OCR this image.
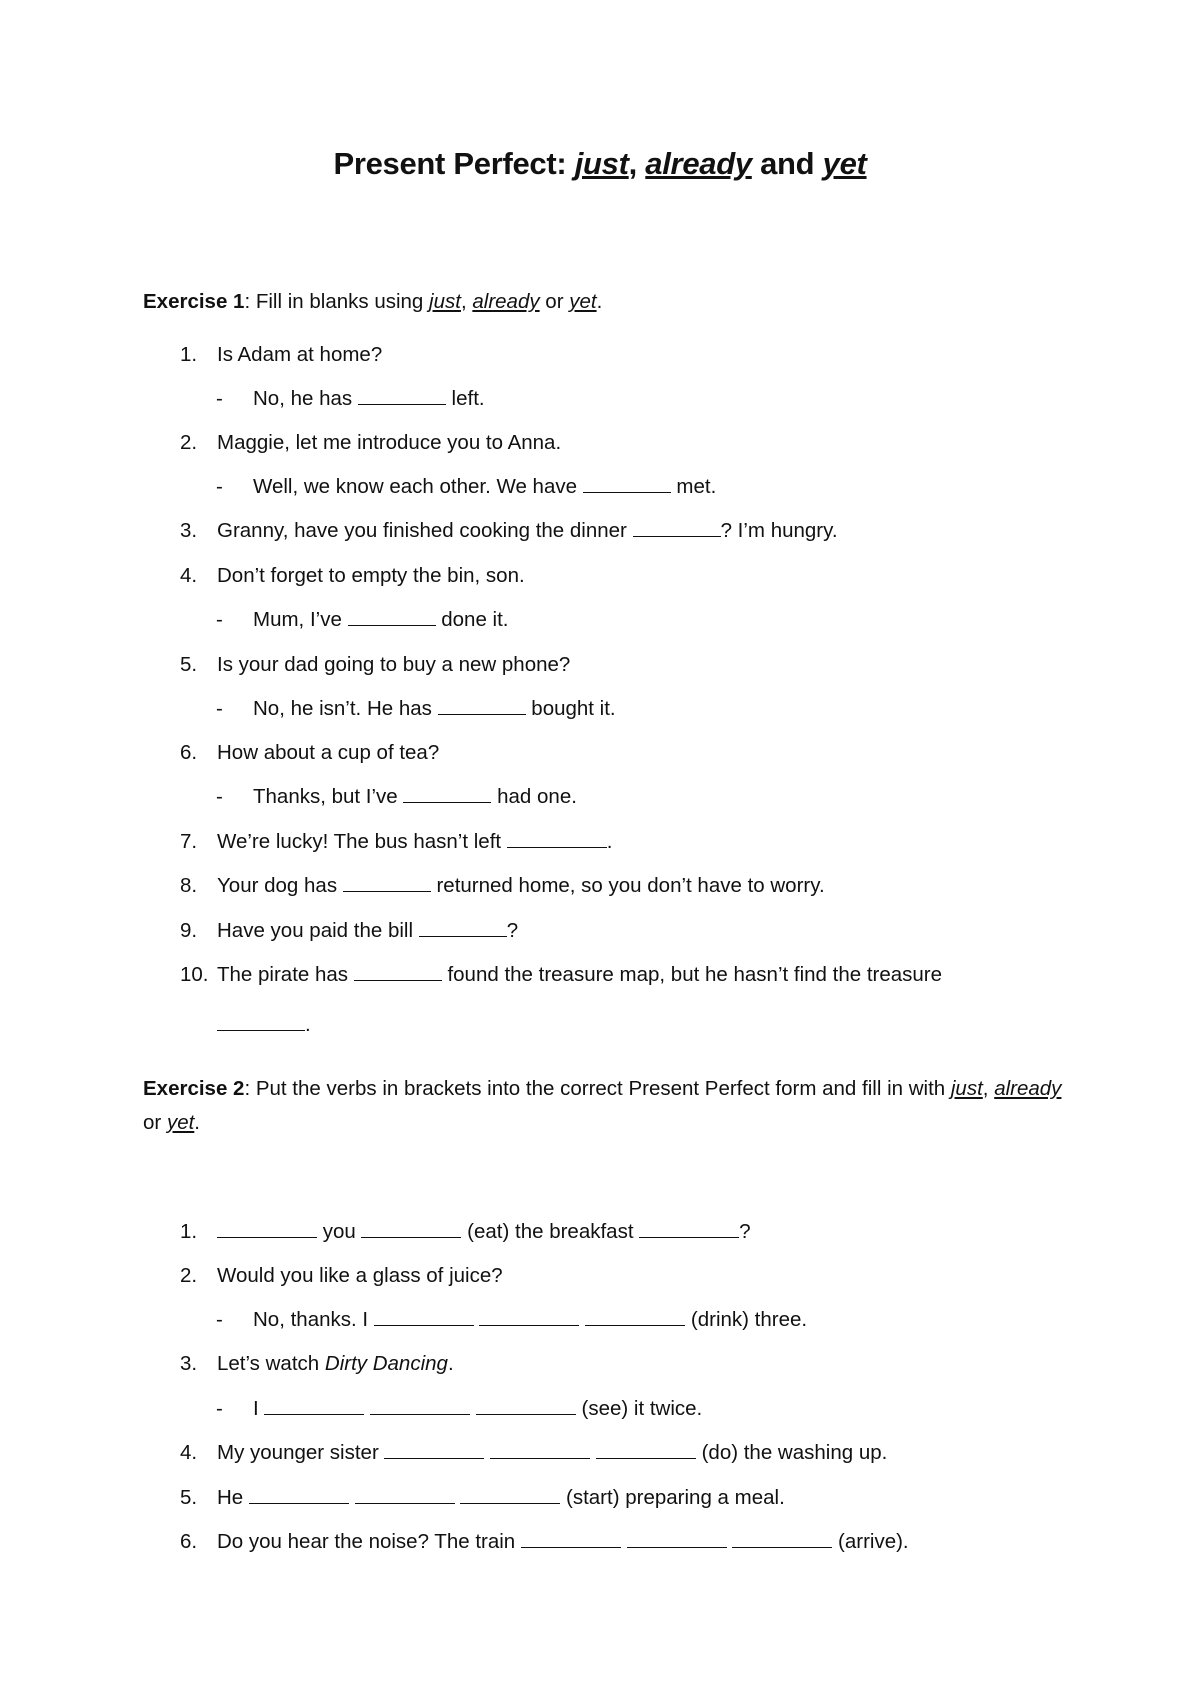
Present Perfect: just, already and yet
Exercise 1: Fill in blanks using just, already or yet.
1. Is Adam at home?
- No, he has	left.
2. Maggie, let me introduce you to Anna.
- Well, we know each other. We have	met.
3. Granny, have you finished cooking the dinner	? I’m hungry.
4. Don’t forget to empty the bin, son.
- Mum, I’ve	done it.
5. Is your dad going to buy a new phone?
- No, he isn’t. He has	bought it.
6. How about a cup of tea?
- Thanks, but I’ve	had one.
7. We’re lucky! The bus hasn’t left	.
8. Your dog has	returned home, so you don’t have to worry.
9. Have you paid the bill	?
10. The pirate has	found the treasure map, but he hasn’t find the treasure
.
Exercise 2: Put the verbs in brackets into the correct Present Perfect form and fill in with just, already or yet.
1.	you	(eat) the breakfast	?
2. Would you like a glass of juice?
- No, thanks. I	(drink) three.
3. Let’s watch Dirty Dancing.
- I	(see) it twice.
4. My younger sister	(do) the washing up.
5. He	(start) preparing a meal.
6. Do you hear the noise? The train	(arrive).
